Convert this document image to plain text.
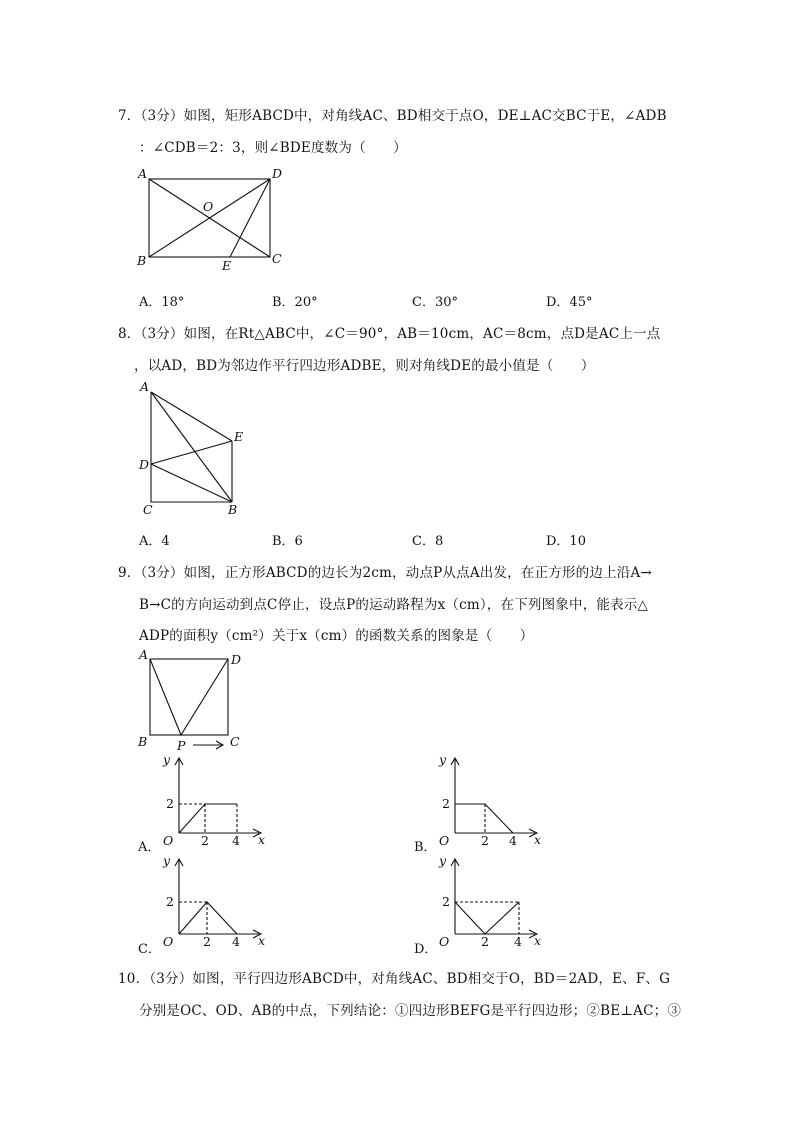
7．（3分）如图，矩形ABCD中，对角线AC、BD相交于点O，DE⊥AC交BC于E，∠ADB
：∠CDB＝2：3，则∠BDE度数为（　　）
A	D
O
B	C
E
A．18°	B．20°	C．30°	D．45°
8．（3分）如图，在Rt△ABC中，∠C＝90°，AB＝10cm，AC＝8cm，点D是AC上一点
，以AD，BD为邻边作平行四边形ADBE，则对角线DE的最小值是（　　）
A
E
D
C	B
A．4	B．6	C．8	D．10
9．（3分）如图，正方形ABCD的边长为2cm，动点P从点A出发，在正方形的边上沿A→
B→C的方向运动到点C停止，设点P的运动路程为x（cm），在下列图象中，能表示△
ADP的面积y（cm²）关于x（cm）的函数关系的图象是（　　）
A	D
B	C
P
y
x
O
2
2 4
A．
y
x
O
2
2 4
B．
y
x
O
2
2 4
C．
y
x
O
2
2 4
D．
10．（3分）如图，平行四边形ABCD中，对角线AC、BD相交于O，BD＝2AD，E、F、G
分别是OC、OD、AB的中点，下列结论：①四边形BEFG是平行四边形；②BE⊥AC；③
